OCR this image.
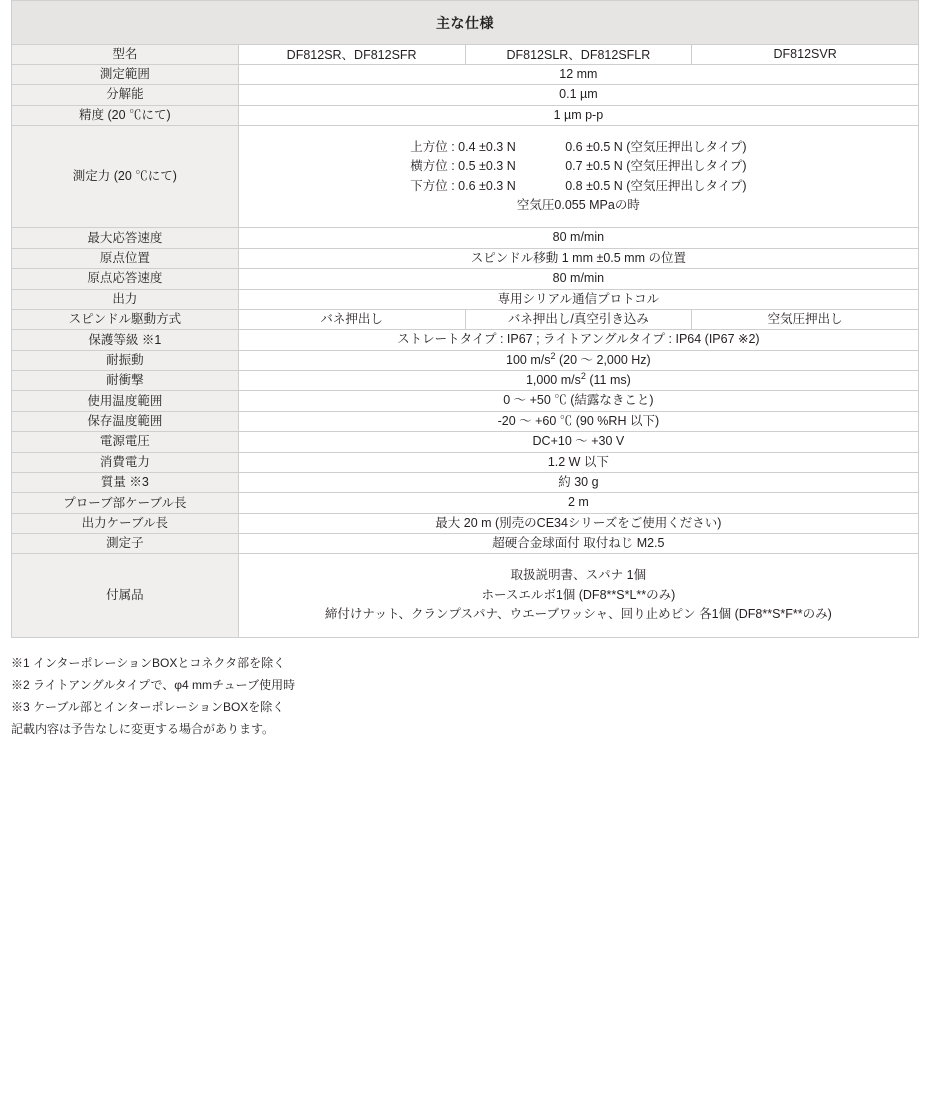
主な仕様			
型名	DF812SR、DF812SFR	DF812SLR、DF812SFLR	DF812SVR
測定範囲	12 mm		
分解能	0.1 µm		
精度 (20 ℃にて)	1 µm p-p		
測定力 (20 ℃にて)	上方位 : 0.4 ±0.3 N 0.6 ±0.5 N (空気圧押出しタイプ)
横方位 : 0.5 ±0.3 N 0.7 ±0.5 N (空気圧押出しタイプ)
下方位 : 0.6 ±0.3 N 0.8 ±0.5 N (空気圧押出しタイプ)
空気圧0.055 MPaの時		

最大応答速度	80 m/min		
原点位置	スピンドル移動 1 mm ±0.5 mm の位置		
原点応答速度	80 m/min		
出力	専用シリアル通信プロトコル		
スピンドル駆動方式	バネ押出し	バネ押出し/真空引き込み	空気圧押出し
保護等級 ※1	ストレートタイプ : IP67 ; ライトアングルタイプ : IP64 (IP67 ※2)		
耐振動	100 $m/s^2$ (20 ～ 2,000 Hz)		
耐衝撃	1,000 $m/s^2$ (11 ms)		
使用温度範囲	0 ～ +50 ℃ (結露なきこと)		
保存温度範囲	-20 ～ +60 ℃ (90 %RH 以下)		
電源電圧	DC+10 ～ +30 V		
消費電力	1.2 W 以下		
質量 ※3	約 30 g		
プローブ部ケーブル長	2 m		
出力ケーブル長	最大 20 m (別売のCE34シリーズをご使用ください)		
測定子	超硬合金球面付 取付ねじ M2.5		
付属品	取扱説明書、スパナ 1個
ホースエルボ1個 (DF8**S*L**のみ)
締付けナット、クランプスパナ、ウエーブワッシャ、回り止めピン 各1個 (DF8**S*F**のみ)		
※1 インターポレーションBOXとコネクタ部を除く
※2 ライトアングルタイプで、φ4 mmチューブ使用時
※3 ケーブル部とインターポレーションBOXを除く
記載内容は予告なしに変更する場合があります。
